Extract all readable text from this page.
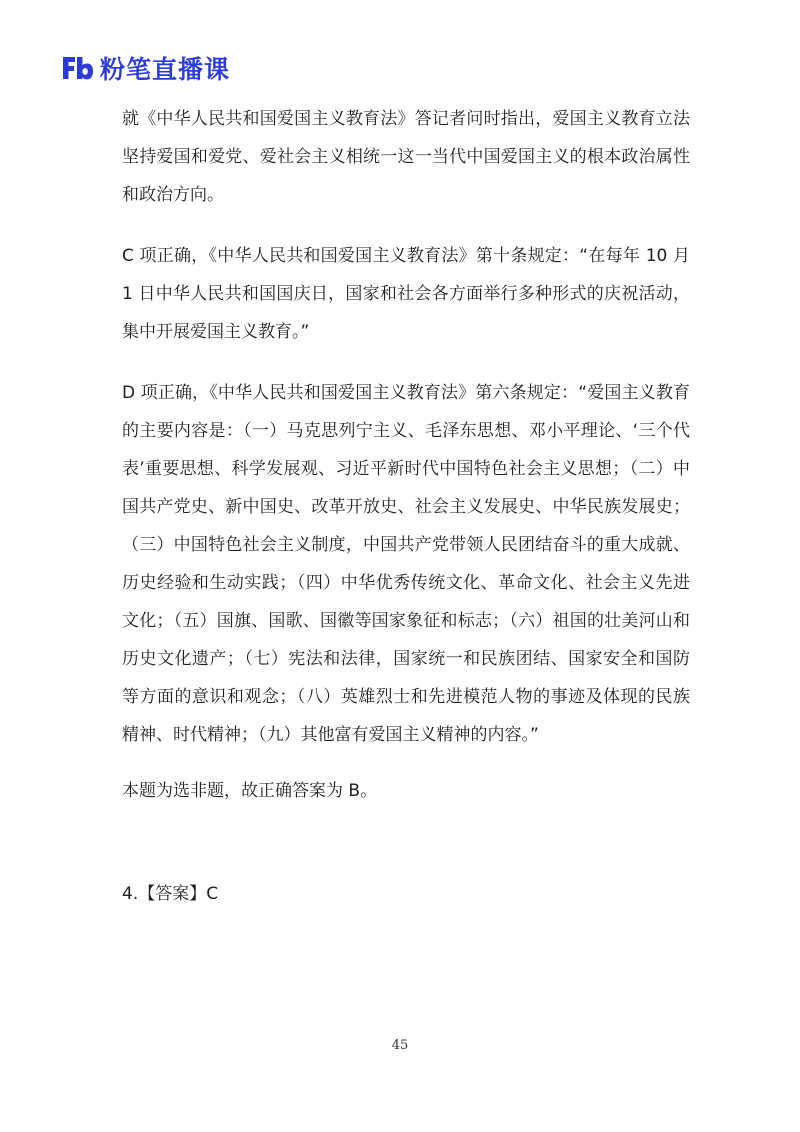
粉笔直播课

就《中华人民共和国爱国主义教育法》答记者问时指出，爱国主义教育立法坚持爱国和爱党、爱社会主义相统一这一当代中国爱国主义的根本政治属性和政治方向。

C 项正确，《中华人民共和国爱国主义教育法》第十条规定：“在每年 10 月 1 日中华人民共和国国庆日，国家和社会各方面举行多种形式的庆祝活动，集中开展爱国主义教育。”

D 项正确，《中华人民共和国爱国主义教育法》第六条规定：“爱国主义教育的主要内容是：（一）马克思列宁主义、毛泽东思想、邓小平理论、‘三个代表’重要思想、科学发展观、习近平新时代中国特色社会主义思想；（二）中国共产党史、新中国史、改革开放史、社会主义发展史、中华民族发展史；（三）中国特色社会主义制度，中国共产党带领人民团结奋斗的重大成就、历史经验和生动实践；（四）中华优秀传统文化、革命文化、社会主义先进文化；（五）国旗、国歌、国徽等国家象征和标志；（六）祖国的壮美河山和历史文化遗产；（七）宪法和法律，国家统一和民族团结、国家安全和国防等方面的意识和观念；（八）英雄烈士和先进模范人物的事迹及体现的民族精神、时代精神；（九）其他富有爱国主义精神的内容。”

本题为选非题，故正确答案为 B。

4.【答案】C

45
